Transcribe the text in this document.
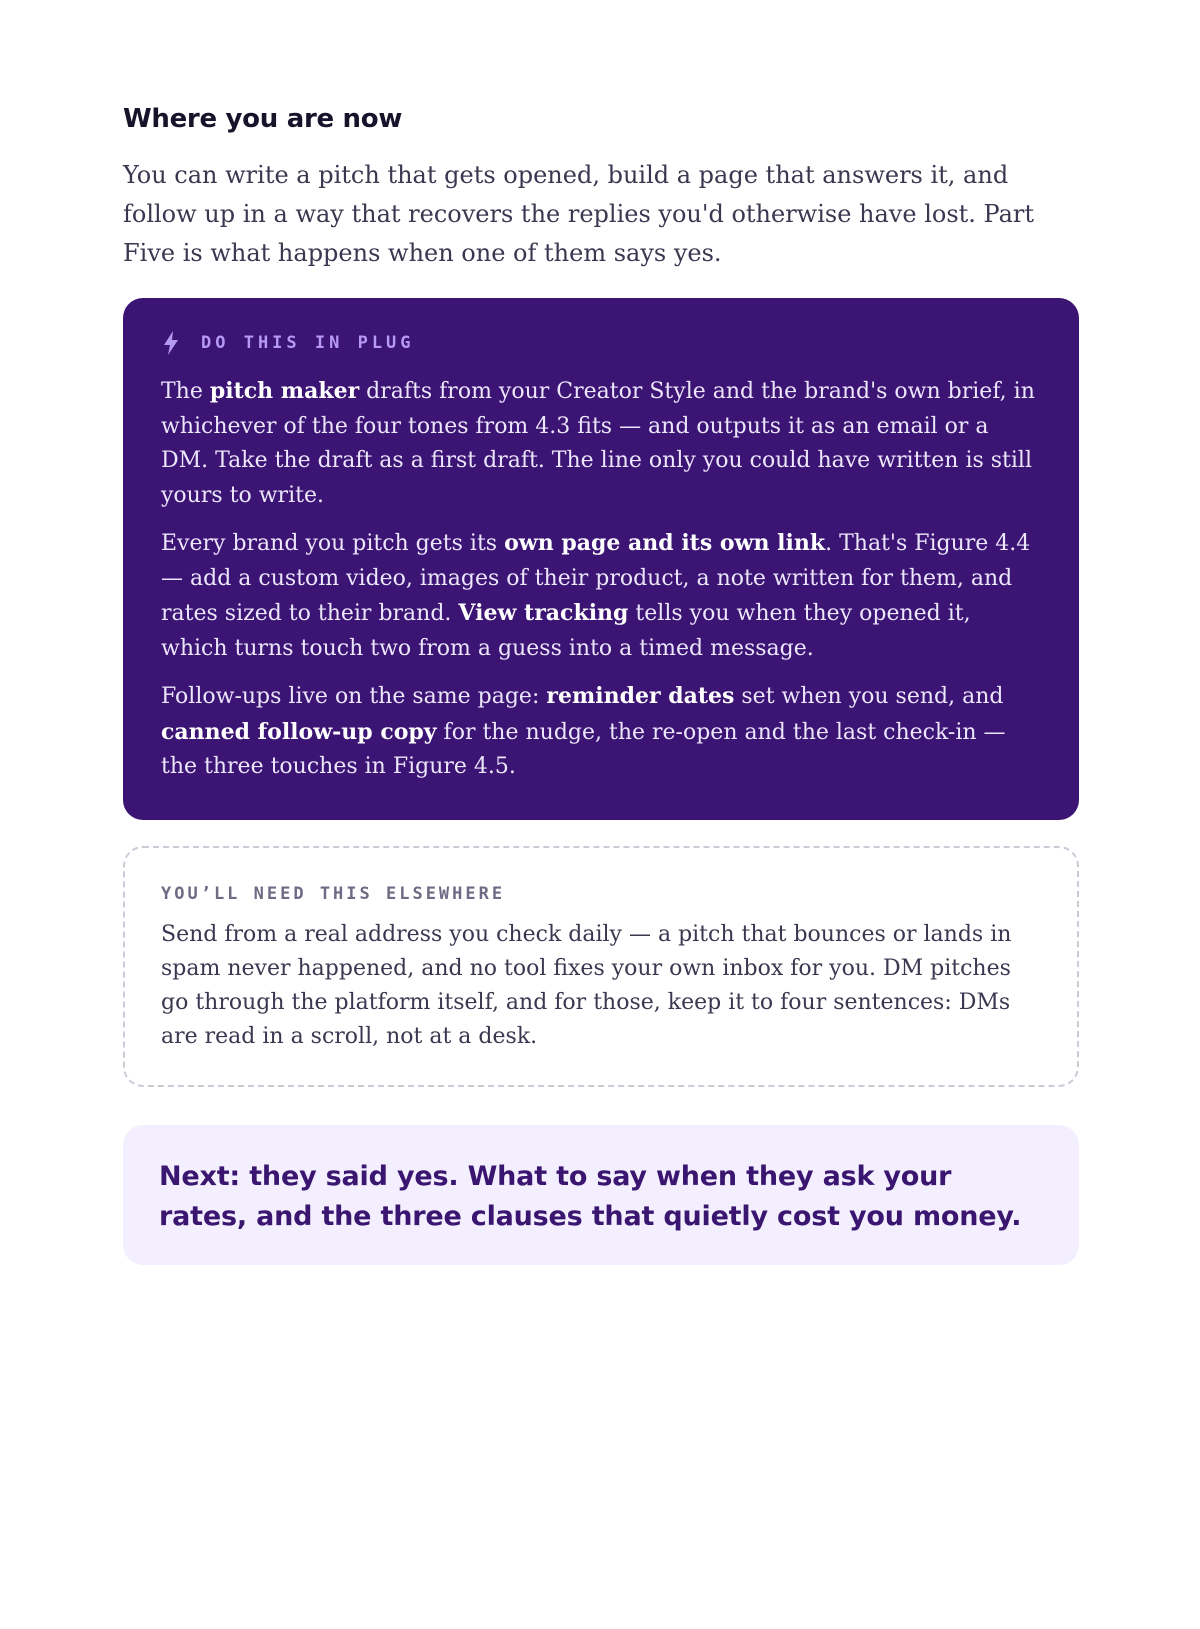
Where you are now

You can write a pitch that gets opened, build a page that answers it, and follow up in a way that recovers the replies you'd otherwise have lost. Part Five is what happens when one of them says yes.

DO THIS IN PLUG

The pitch maker drafts from your Creator Style and the brand's own brief, in whichever of the four tones from 4.3 fits — and outputs it as an email or a DM. Take the draft as a first draft. The line only you could have written is still yours to write.

Every brand you pitch gets its own page and its own link. That's Figure 4.4 — add a custom video, images of their product, a note written for them, and rates sized to their brand. View tracking tells you when they opened it, which turns touch two from a guess into a timed message.

Follow-ups live on the same page: reminder dates set when you send, and canned follow-up copy for the nudge, the re-open and the last check-in — the three touches in Figure 4.5.

YOU’LL NEED THIS ELSEWHERE

Send from a real address you check daily — a pitch that bounces or lands in spam never happened, and no tool fixes your own inbox for you. DM pitches go through the platform itself, and for those, keep it to four sentences: DMs are read in a scroll, not at a desk.

Next: they said yes. What to say when they ask your rates, and the three clauses that quietly cost you money.
